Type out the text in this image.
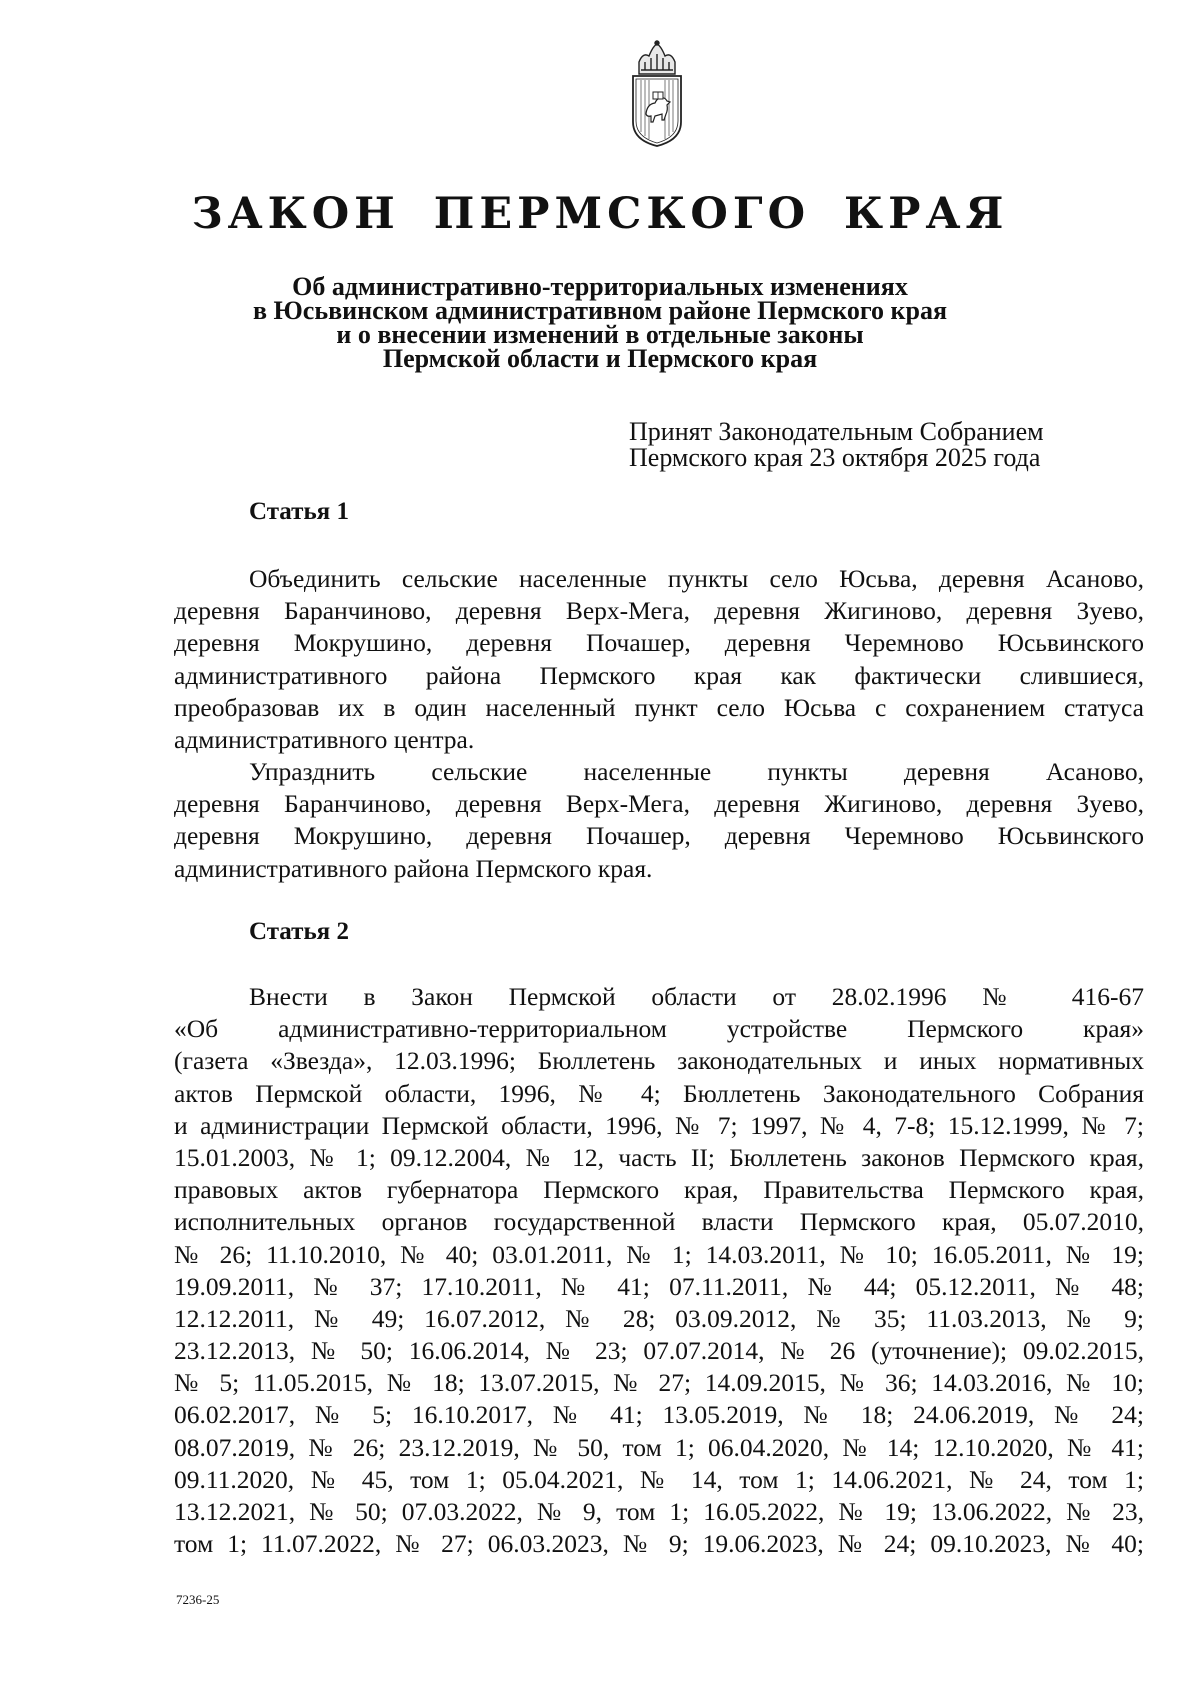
ЗАКОН ПЕРМСКОГО КРАЯ
Об административно-территориальных изменениях
в Юсьвинском административном районе Пермского края
и о внесении изменений в отдельные законы
Пермской области и Пермского края
Принят Законодательным Собранием
Пермского края 23 октября 2025 года
Статья 1
Объединить сельские населенные пункты село Юсьва, деревня Асаново,
деревня Баранчиново, деревня Верх-Мега, деревня Жигиново, деревня Зуево,
деревня Мокрушино, деревня Почашер, деревня Черемново Юсьвинского
административного района Пермского края как фактически слившиеся,
преобразовав их в один населенный пункт село Юсьва с сохранением статуса
административного центра.
Упразднить сельские населенные пункты деревня Асаново,
деревня Баранчиново, деревня Верх-Мега, деревня Жигиново, деревня Зуево,
деревня Мокрушино, деревня Почашер, деревня Черемново Юсьвинского
административного района Пермского края.
Статья 2
Внести в Закон Пермской области от 28.02.1996 № 416-67
«Об административно-территориальном устройстве Пермского края»
(газета «Звезда», 12.03.1996; Бюллетень законодательных и иных нормативных
актов Пермской области, 1996, № 4; Бюллетень Законодательного Собрания
и администрации Пермской области, 1996, № 7; 1997, № 4, 7-8; 15.12.1999, № 7;
15.01.2003, № 1; 09.12.2004, № 12, часть II; Бюллетень законов Пермского края,
правовых актов губернатора Пермского края, Правительства Пермского края,
исполнительных органов государственной власти Пермского края, 05.07.2010,
№ 26; 11.10.2010, № 40; 03.01.2011, № 1; 14.03.2011, № 10; 16.05.2011, № 19;
19.09.2011, № 37; 17.10.2011, № 41; 07.11.2011, № 44; 05.12.2011, № 48;
12.12.2011, № 49; 16.07.2012, № 28; 03.09.2012, № 35; 11.03.2013, № 9;
23.12.2013, № 50; 16.06.2014, № 23; 07.07.2014, № 26 (уточнение); 09.02.2015,
№ 5; 11.05.2015, № 18; 13.07.2015, № 27; 14.09.2015, № 36; 14.03.2016, № 10;
06.02.2017, № 5; 16.10.2017, № 41; 13.05.2019, № 18; 24.06.2019, № 24;
08.07.2019, № 26; 23.12.2019, № 50, том 1; 06.04.2020, № 14; 12.10.2020, № 41;
09.11.2020, № 45, том 1; 05.04.2021, № 14, том 1; 14.06.2021, № 24, том 1;
13.12.2021, № 50; 07.03.2022, № 9, том 1; 16.05.2022, № 19; 13.06.2022, № 23,
том 1; 11.07.2022, № 27; 06.03.2023, № 9; 19.06.2023, № 24; 09.10.2023, № 40;
7236-25
